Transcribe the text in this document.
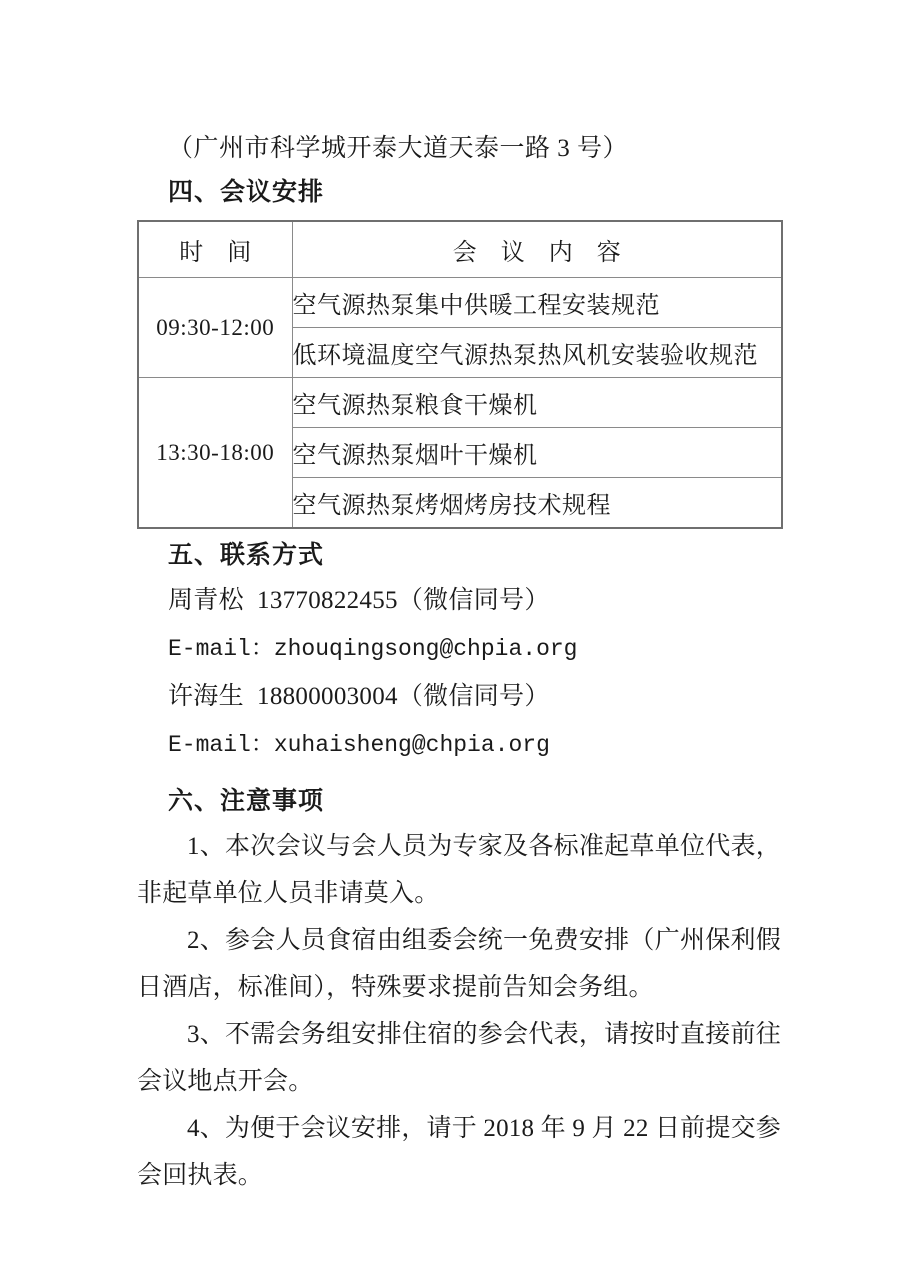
（广州市科学城开泰大道天泰一路 3 号）
四、会议安排
时 间	会 议 内 容
09:30-12:00	空气源热泵集中供暖工程安装规范
	低环境温度空气源热泵热风机安装验收规范
13:30-18:00	空气源热泵粮食干燥机
	空气源热泵烟叶干燥机
	空气源热泵烤烟烤房技术规程
五、联系方式
周青松 13770822455（微信同号）
E-mail：zhouqingsong@chpia.org
许海生 18800003004（微信同号）
E-mail：xuhaisheng@chpia.org
六、注意事项
1、本次会议与会人员为专家及各标准起草单位代表，非起草单位人员非请莫入。
2、参会人员食宿由组委会统一免费安排（广州保利假日酒店，标准间），特殊要求提前告知会务组。
3、不需会务组安排住宿的参会代表，请按时直接前往会议地点开会。
4、为便于会议安排，请于 2018 年 9 月 22 日前提交参会回执表。
